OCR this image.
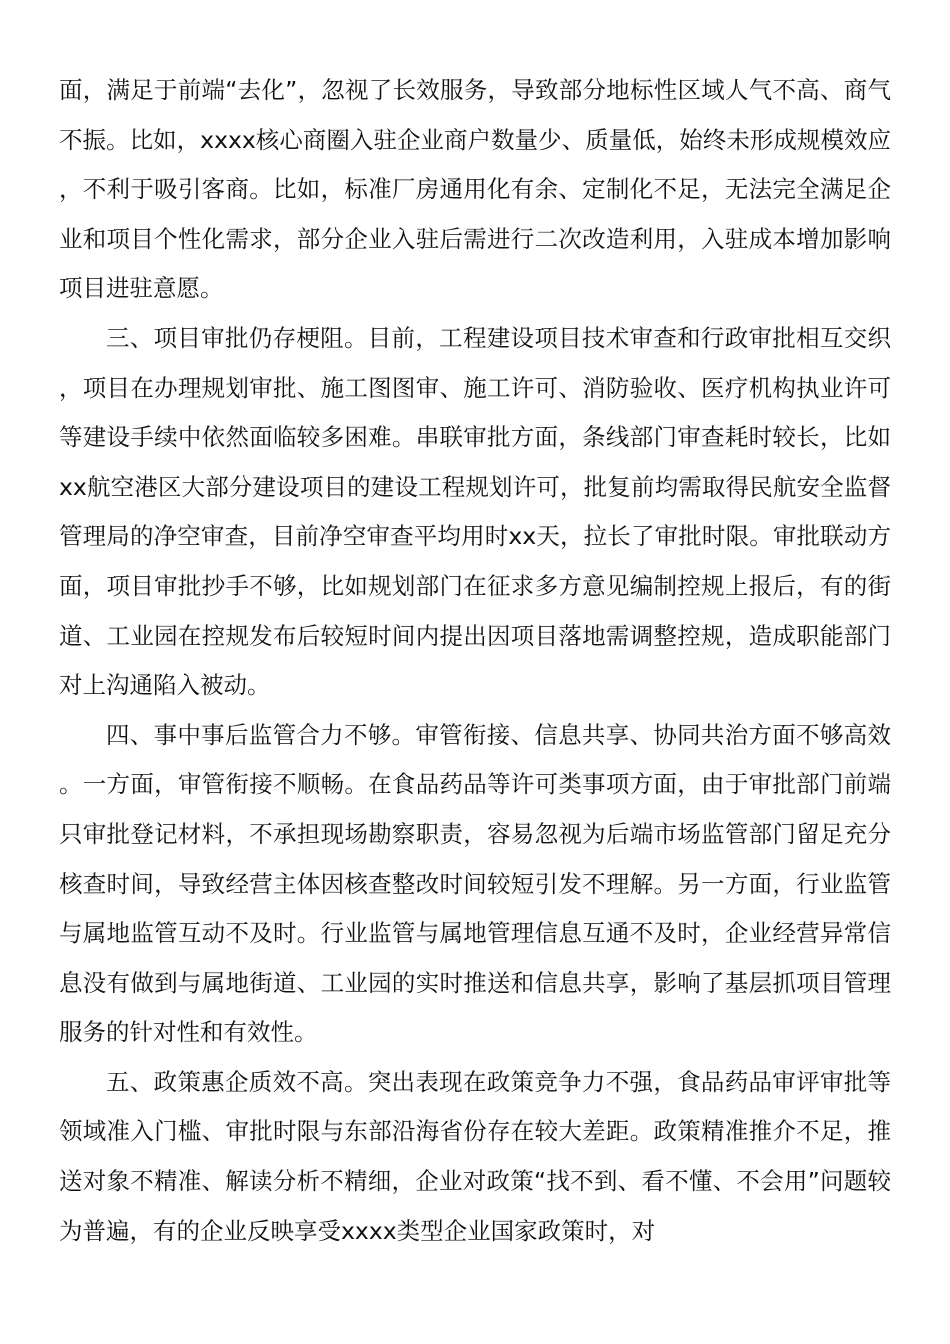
面，满足于前端“去化”，忽视了长效服务，导致部分地标性区域人气不高、商气不振。比如，xxxx核心商圈入驻企业商户数量少、质量低，始终未形成规模效应，不利于吸引客商。比如，标准厂房通用化有余、定制化不足，无法完全满足企业和项目个性化需求，部分企业入驻后需进行二次改造利用，入驻成本增加影响项目进驻意愿。

三、项目审批仍存梗阻。目前，工程建设项目技术审查和行政审批相互交织，项目在办理规划审批、施工图图审、施工许可、消防验收、医疗机构执业许可等建设手续中依然面临较多困难。串联审批方面，条线部门审查耗时较长，比如xx航空港区大部分建设项目的建设工程规划许可，批复前均需取得民航安全监督管理局的净空审查，目前净空审查平均用时xx天，拉长了审批时限。审批联动方面，项目审批抄手不够，比如规划部门在征求多方意见编制控规上报后，有的街道、工业园在控规发布后较短时间内提出因项目落地需调整控规，造成职能部门对上沟通陷入被动。

四、事中事后监管合力不够。审管衔接、信息共享、协同共治方面不够高效。一方面，审管衔接不顺畅。在食品药品等许可类事项方面，由于审批部门前端只审批登记材料，不承担现场勘察职责，容易忽视为后端市场监管部门留足充分核查时间，导致经营主体因核查整改时间较短引发不理解。另一方面，行业监管与属地监管互动不及时。行业监管与属地管理信息互通不及时，企业经营异常信息没有做到与属地街道、工业园的实时推送和信息共享，影响了基层抓项目管理服务的针对性和有效性。

五、政策惠企质效不高。突出表现在政策竞争力不强，食品药品审评审批等领域准入门槛、审批时限与东部沿海省份存在较大差距。政策精准推介不足，推送对象不精准、解读分析不精细，企业对政策“找不到、看不懂、不会用”问题较为普遍，有的企业反映享受xxxx类型企业国家政策时，对
